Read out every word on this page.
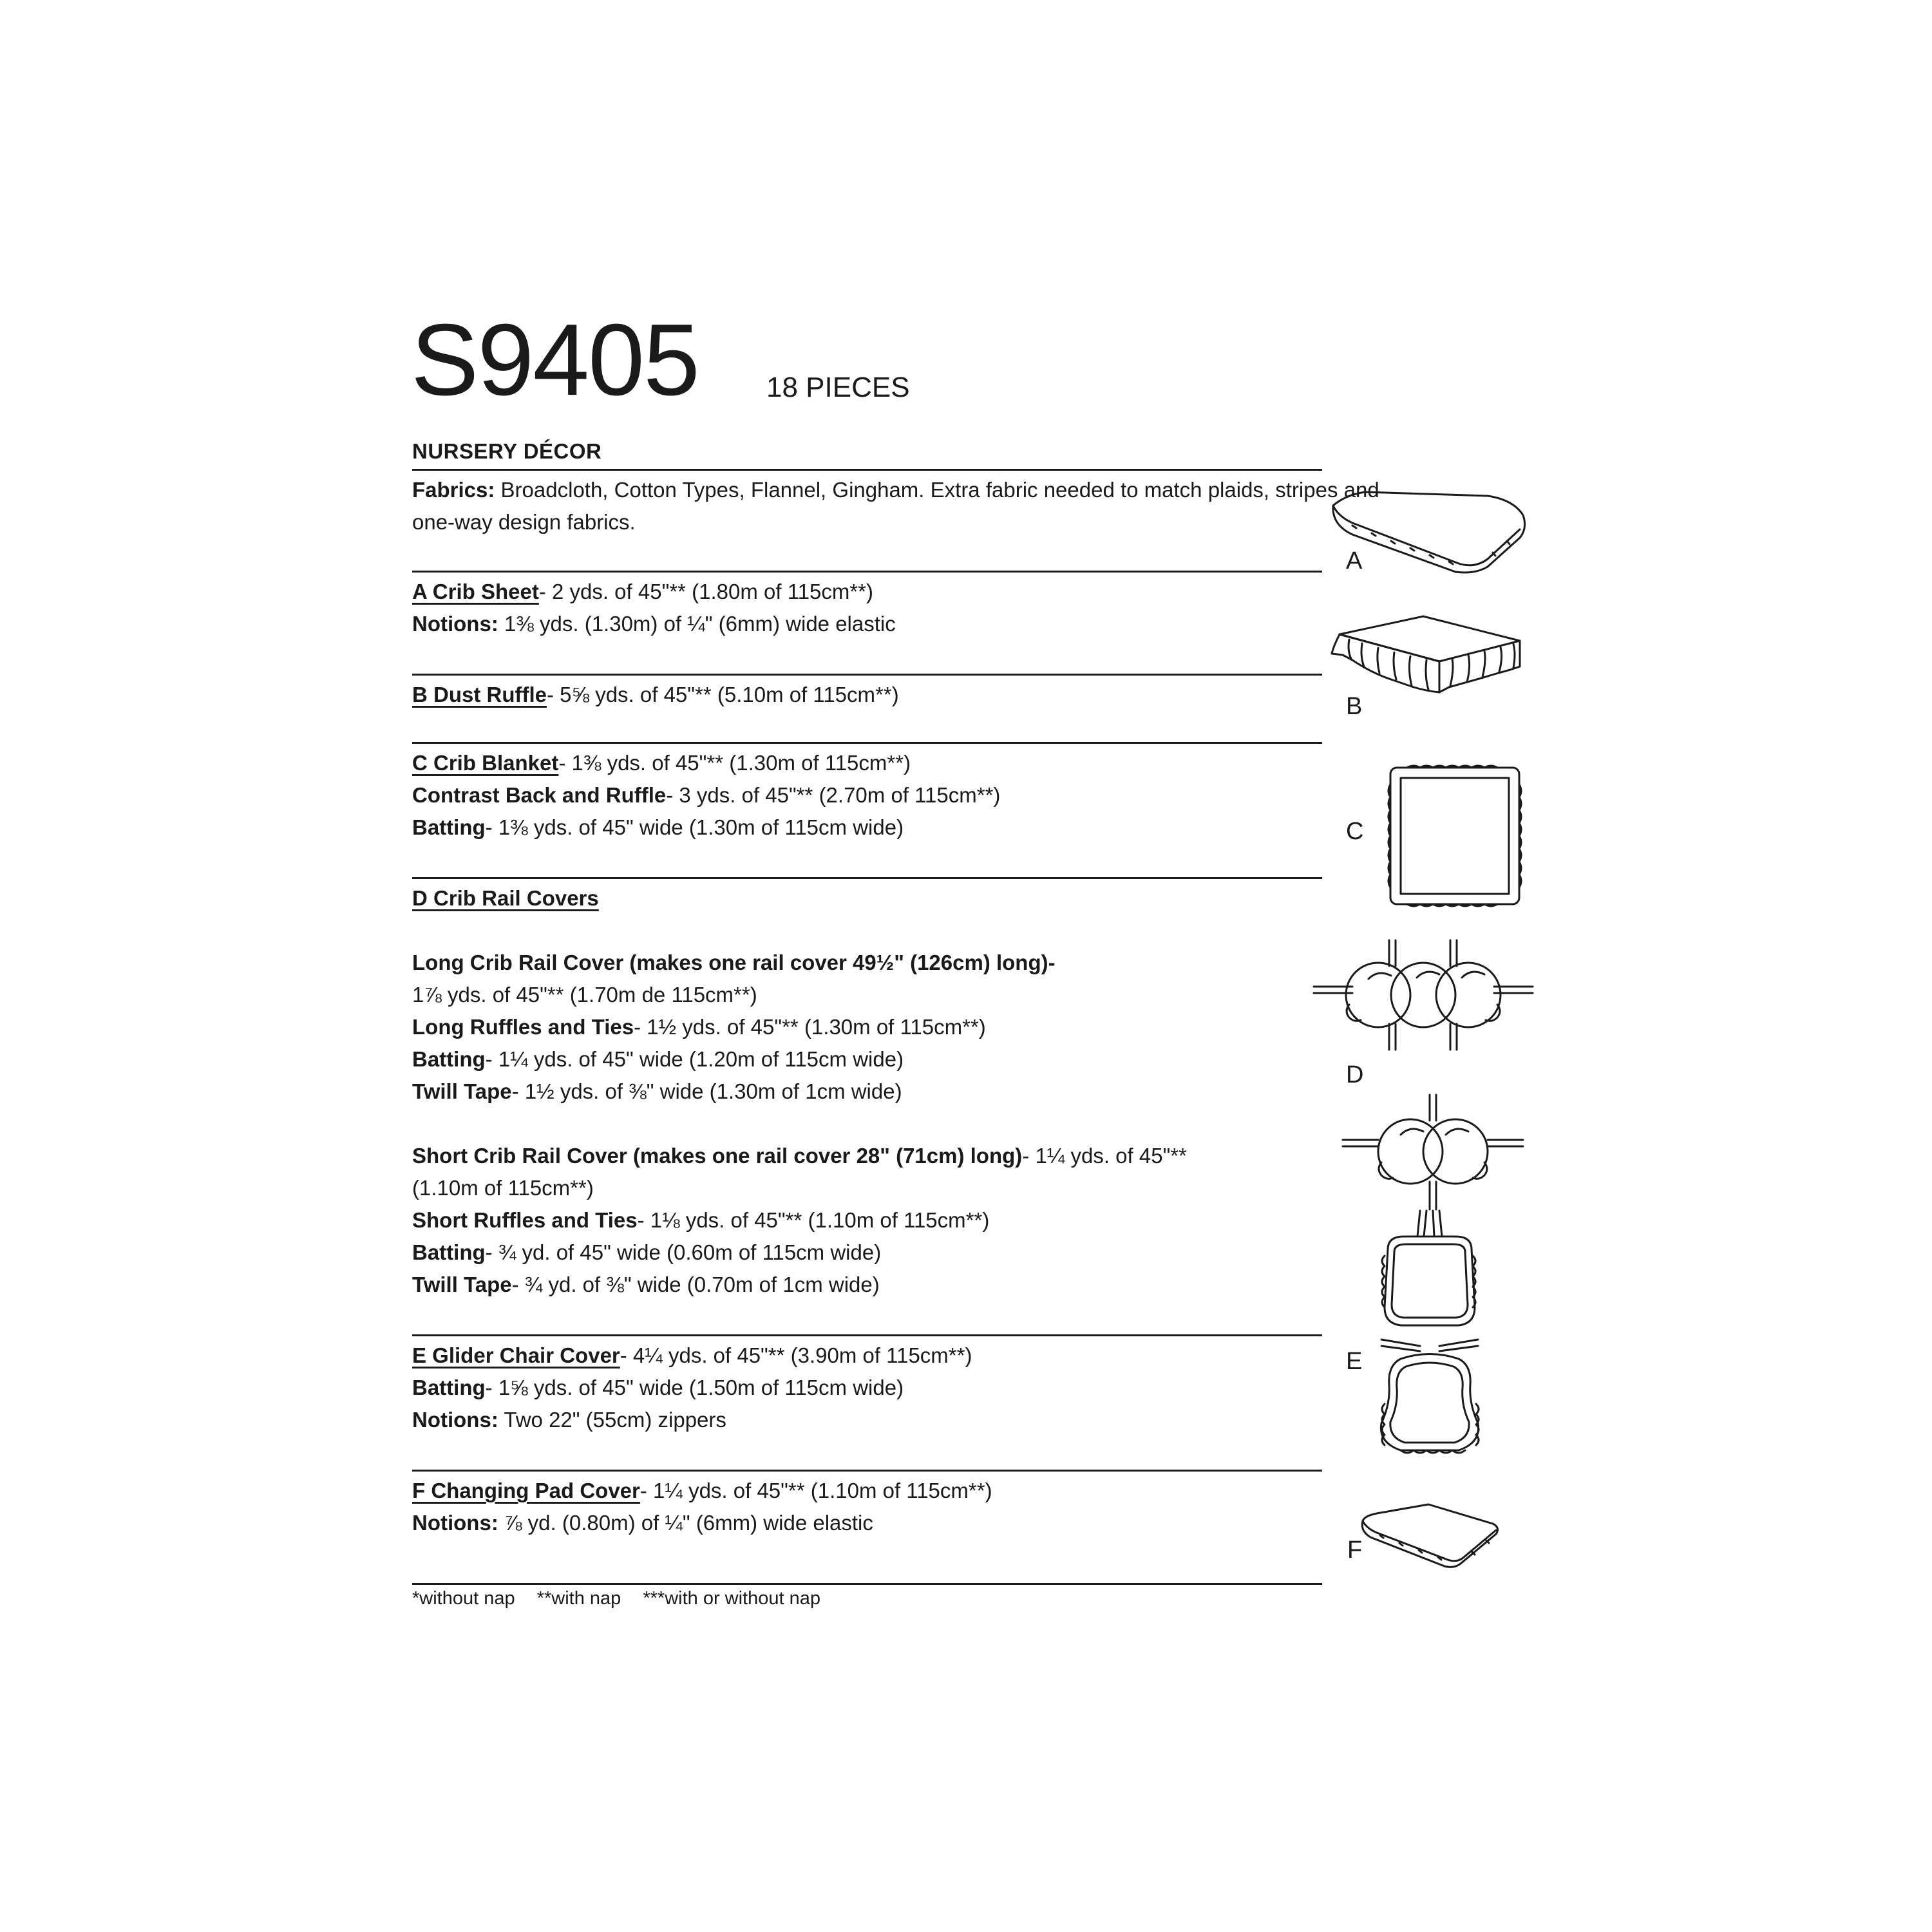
S9405 18 PIECES
NURSERY DÉCOR
Fabrics: Broadcloth, Cotton Types, Flannel, Gingham. Extra fabric needed to match plaids, stripes and
one-way design fabrics.
A Crib Sheet- 2 yds. of 45"** (1.80m of 115cm**)
Notions: 1⅜ yds. (1.30m) of ¼" (6mm) wide elastic
B Dust Ruffle- 5⅝ yds. of 45"** (5.10m of 115cm**)
C Crib Blanket- 1⅜ yds. of 45"** (1.30m of 115cm**)
Contrast Back and Ruffle- 3 yds. of 45"** (2.70m of 115cm**)
Batting- 1⅜ yds. of 45" wide (1.30m of 115cm wide)
D Crib Rail Covers

Long Crib Rail Cover (makes one rail cover 49½" (126cm) long)-
1⅞ yds. of 45"** (1.70m de 115cm**)
Long Ruffles and Ties- 1½ yds. of 45"** (1.30m of 115cm**)
Batting- 1¼ yds. of 45" wide (1.20m of 115cm wide)
Twill Tape- 1½ yds. of ⅜" wide (1.30m of 1cm wide)

Short Crib Rail Cover (makes one rail cover 28" (71cm) long)- 1¼ yds. of 45"**
(1.10m of 115cm**)
Short Ruffles and Ties- 1⅛ yds. of 45"** (1.10m of 115cm**)
Batting- ¾ yd. of 45" wide (0.60m of 115cm wide)
Twill Tape- ¾ yd. of ⅜" wide (0.70m of 1cm wide)
E Glider Chair Cover- 4¼ yds. of 45"** (3.90m of 115cm**)
Batting- 1⅝ yds. of 45" wide (1.50m of 115cm wide)
Notions: Two 22" (55cm) zippers
F Changing Pad Cover- 1¼ yds. of 45"** (1.10m of 115cm**)
Notions: ⅞ yd. (0.80m) of ¼" (6mm) wide elastic
*without nap **with nap ***with or without nap
A
B
C
D
E
F
